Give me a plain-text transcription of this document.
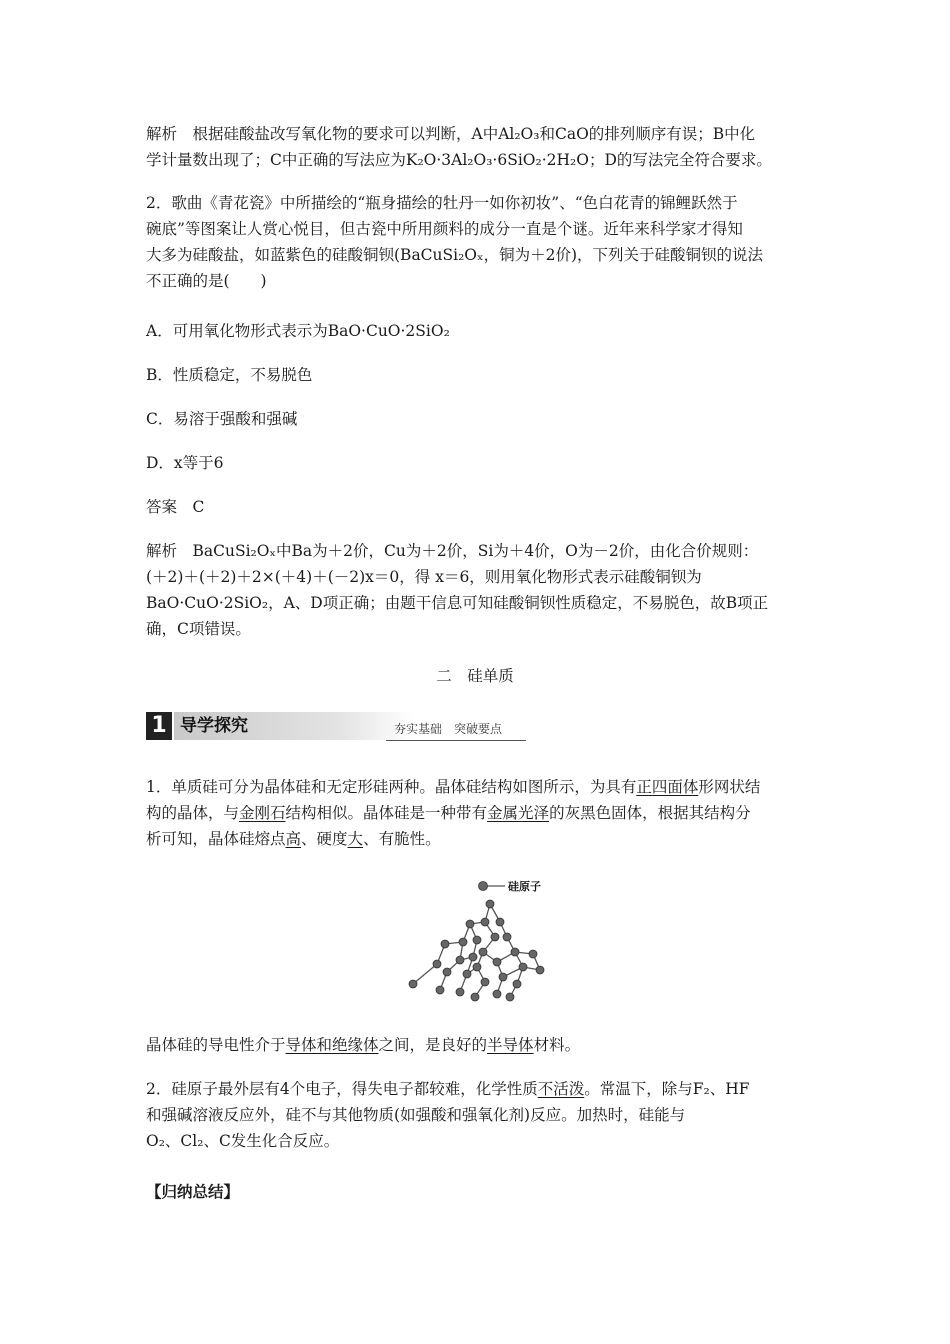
解析　根据硅酸盐改写氧化物的要求可以判断，A中Al₂O₃和CaO的排列顺序有误；B中化
学计量数出现了；C中正确的写法应为K₂O·3Al₂O₃·6SiO₂·2H₂O；D的写法完全符合要求。
2．歌曲《青花瓷》中所描绘的“瓶身描绘的牡丹一如你初妆”、“色白花青的锦鲤跃然于
碗底”等图案让人赏心悦目，但古瓷中所用颜料的成分一直是个谜。近年来科学家才得知
大多为硅酸盐，如蓝紫色的硅酸铜钡(BaCuSi₂Oₓ，铜为＋2价)，下列关于硅酸铜钡的说法
不正确的是(　　)
A．可用氧化物形式表示为BaO·CuO·2SiO₂
B．性质稳定，不易脱色
C．易溶于强酸和强碱
D．x等于6
答案　C
解析　BaCuSi₂Oₓ中Ba为＋2价，Cu为＋2价，Si为＋4价，O为－2价，由化合价规则：
(＋2)＋(＋2)＋2×(＋4)＋(－2)x＝0，得 x＝6，则用氧化物形式表示硅酸铜钡为
BaO·CuO·2SiO₂，A、D项正确；由题干信息可知硅酸铜钡性质稳定，不易脱色，故B项正
确，C项错误。
二　硅单质
1 导学探究	夯实基础　突破要点
1．单质硅可分为晶体硅和无定形硅两种。晶体硅结构如图所示，为具有正四面体形网状结
构的晶体，与金刚石结构相似。晶体硅是一种带有金属光泽的灰黑色固体，根据其结构分
析可知，晶体硅熔点高、硬度大、有脆性。
硅原子
晶体硅的导电性介于导体和绝缘体之间，是良好的半导体材料。
2．硅原子最外层有4个电子，得失电子都较难，化学性质不活泼。常温下，除与F₂、HF
和强碱溶液反应外，硅不与其他物质(如强酸和强氧化剂)反应。加热时，硅能与
O₂、Cl₂、C发生化合反应。
【归纳总结】
